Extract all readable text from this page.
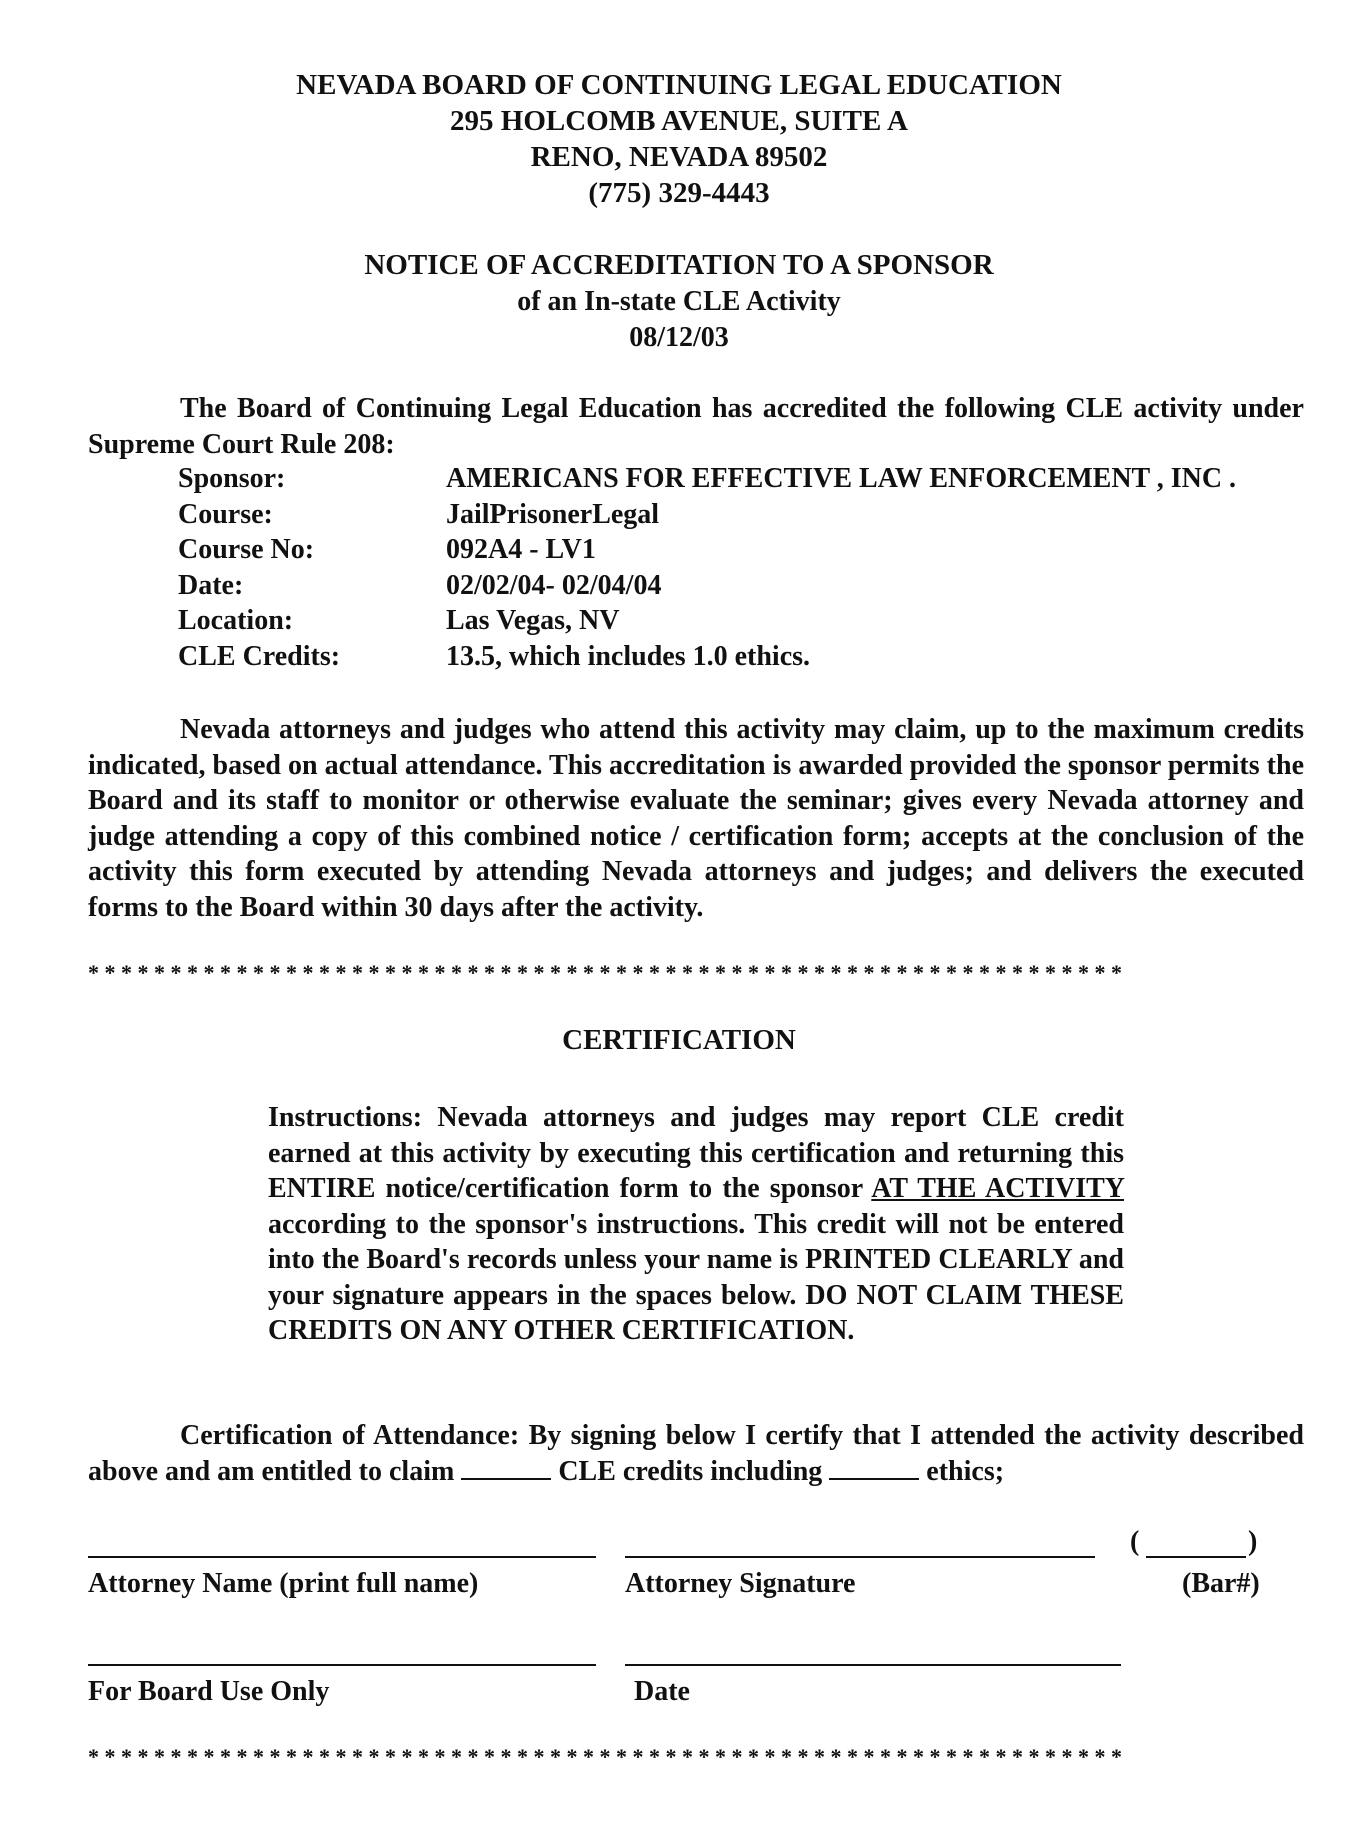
NEVADA BOARD OF CONTINUING LEGAL EDUCATION
295 HOLCOMB AVENUE, SUITE A
RENO, NEVADA 89502
(775) 329-4443
NOTICE OF ACCREDITATION TO A SPONSOR
of an In-state CLE Activity
08/12/03
The Board of Continuing Legal Education has accredited the following CLE activity under Supreme Court Rule 208:
Sponsor:	AMERICANS FOR EFFECTIVE LAW ENFORCEMENT , INC .
Course:	JailPrisonerLegal
Course No:	092A4 - LV1
Date:	02/02/04- 02/04/04
Location:	Las Vegas, NV
CLE Credits:	13.5, which includes 1.0 ethics.
Nevada attorneys and judges who attend this activity may claim, up to the maximum credits indicated, based on actual attendance. This accreditation is awarded provided the sponsor permits the Board and its staff to monitor or otherwise evaluate the seminar; gives every Nevada attorney and judge attending a copy of this combined notice / certification form; accepts at the conclusion of the activity this form executed by attending Nevada attorneys and judges; and delivers the executed forms to the Board within 30 days after the activity.
* * * * * * * * * * * * * * * * * * * * * * * * * * * * * * * * * * * * * * * * * * * * * * * * * * * * * * * * * * * * * * *
CERTIFICATION
Instructions: Nevada attorneys and judges may report CLE credit earned at this activity by executing this certification and returning this ENTIRE notice/certification form to the sponsor AT THE ACTIVITY according to the sponsor's instructions. This credit will not be entered into the Board's records unless your name is PRINTED CLEARLY and your signature appears in the spaces below. DO NOT CLAIM THESE CREDITS ON ANY OTHER CERTIFICATION.
Certification of Attendance: By signing below I certify that I attended the activity described above and am entitled to claim	CLE credits including	ethics;
(	)
Attorney Name (print full name)	Attorney Signature	(Bar#)
For Board Use Only	Date
* * * * * * * * * * * * * * * * * * * * * * * * * * * * * * * * * * * * * * * * * * * * * * * * * * * * * * * * * * * * * * *
